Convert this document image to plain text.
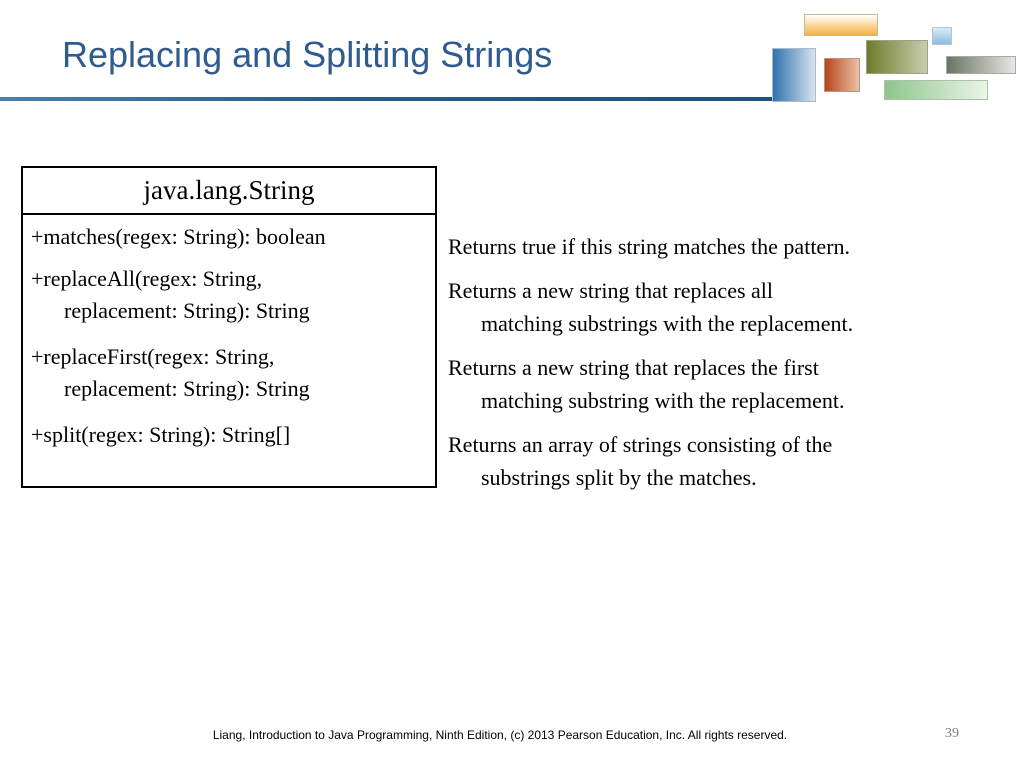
Replacing and Splitting Strings
java.lang.String
+matches(regex: String): boolean
+replaceAll(regex: String,
replacement: String): String
+replaceFirst(regex: String,
replacement: String): String
+split(regex: String): String[]
Returns true if this string matches the pattern.
Returns a new string that replaces all
matching substrings with the replacement.
Returns a new string that replaces the first
matching substring with the replacement.
Returns an array of strings consisting of the
substrings split by the matches.
Liang, Introduction to Java Programming, Ninth Edition, (c) 2013 Pearson Education, Inc. All rights reserved.	39
